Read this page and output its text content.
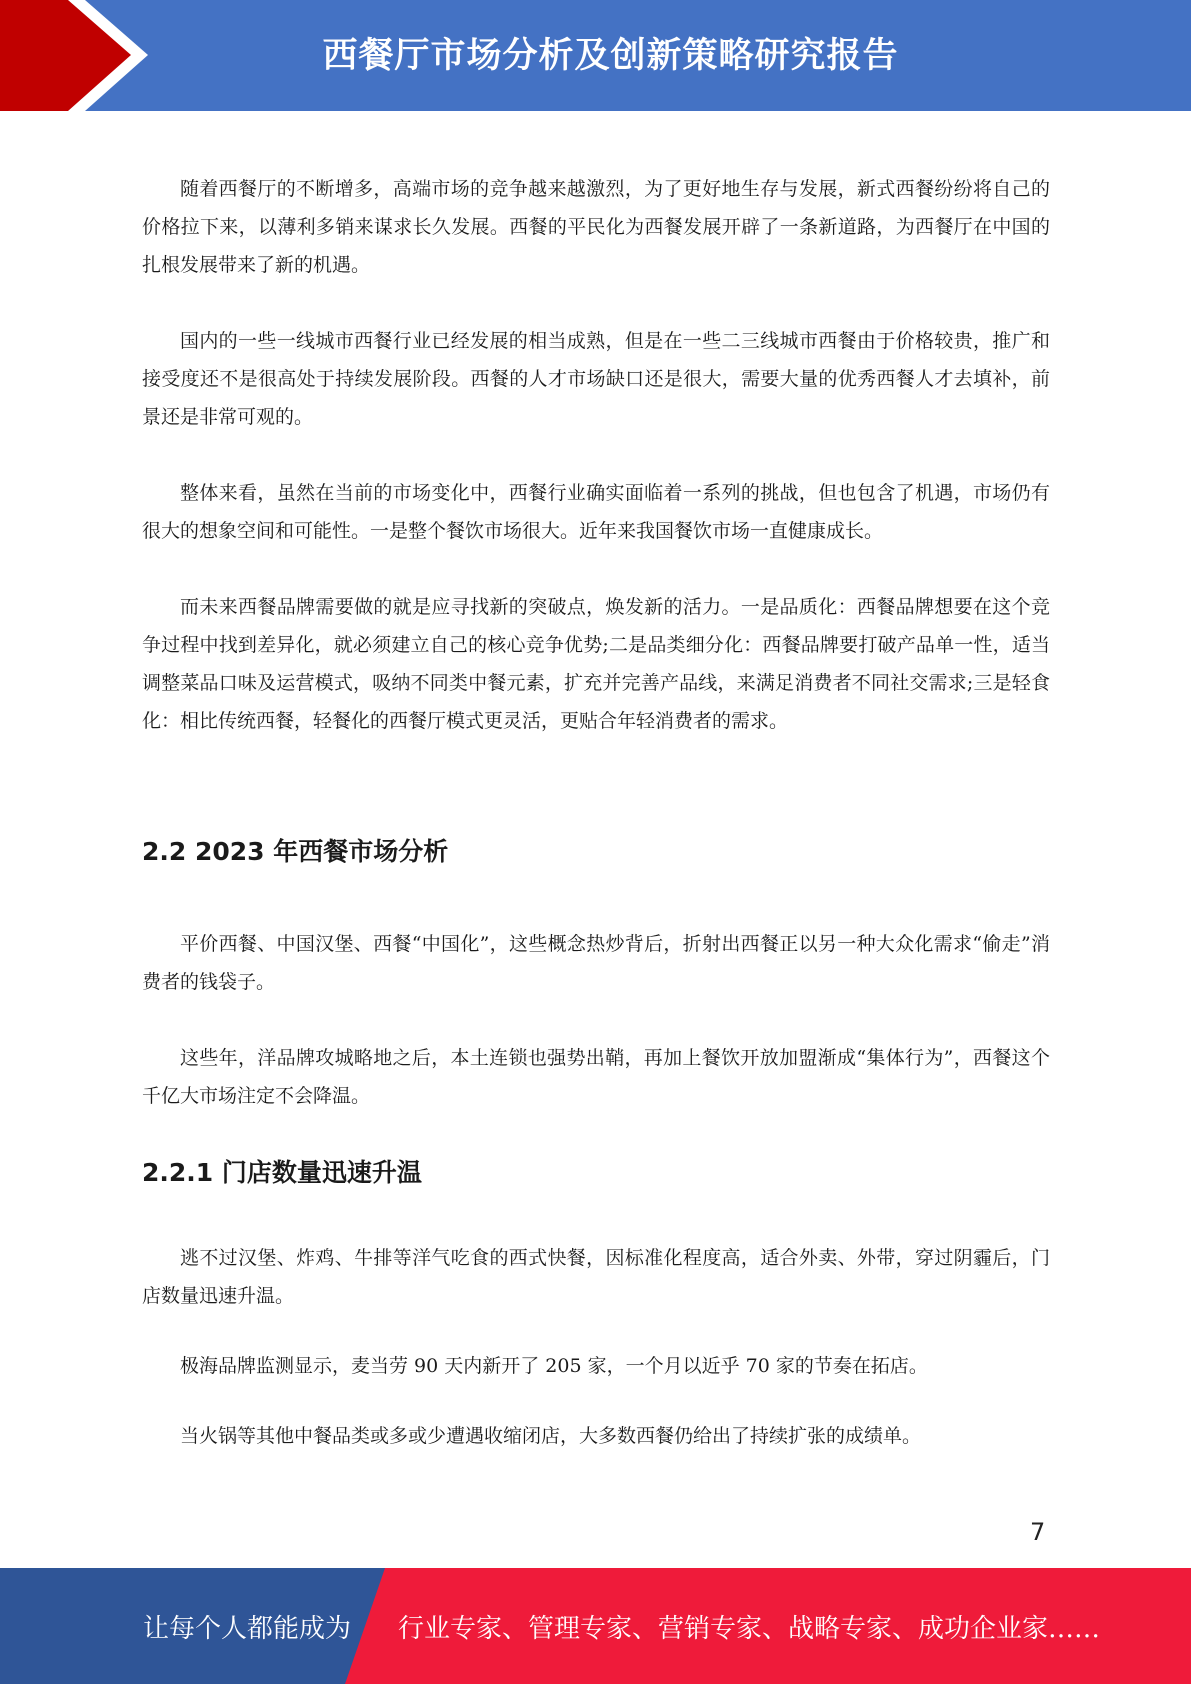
西餐厅市场分析及创新策略研究报告

随着西餐厅的不断增多，高端市场的竞争越来越激烈，为了更好地生存与发展，新式西餐纷纷将自己的价格拉下来，以薄利多销来谋求长久发展。西餐的平民化为西餐发展开辟了一条新道路，为西餐厅在中国的扎根发展带来了新的机遇。

国内的一些一线城市西餐行业已经发展的相当成熟，但是在一些二三线城市西餐由于价格较贵，推广和接受度还不是很高处于持续发展阶段。西餐的人才市场缺口还是很大，需要大量的优秀西餐人才去填补，前景还是非常可观的。

整体来看，虽然在当前的市场变化中，西餐行业确实面临着一系列的挑战，但也包含了机遇，市场仍有很大的想象空间和可能性。一是整个餐饮市场很大。近年来我国餐饮市场一直健康成长。

而未来西餐品牌需要做的就是应寻找新的突破点，焕发新的活力。一是品质化：西餐品牌想要在这个竞争过程中找到差异化，就必须建立自己的核心竞争优势;二是品类细分化：西餐品牌要打破产品单一性，适当调整菜品口味及运营模式，吸纳不同类中餐元素，扩充并完善产品线，来满足消费者不同社交需求;三是轻食化：相比传统西餐，轻餐化的西餐厅模式更灵活，更贴合年轻消费者的需求。

2.2 2023 年西餐市场分析

平价西餐、中国汉堡、西餐“中国化”，这些概念热炒背后，折射出西餐正以另一种大众化需求“偷走”消费者的钱袋子。

这些年，洋品牌攻城略地之后，本土连锁也强势出鞘，再加上餐饮开放加盟渐成“集体行为”，西餐这个千亿大市场注定不会降温。

2.2.1 门店数量迅速升温

逃不过汉堡、炸鸡、牛排等洋气吃食的西式快餐，因标准化程度高，适合外卖、外带，穿过阴霾后，门店数量迅速升温。

极海品牌监测显示，麦当劳 90 天内新开了 205 家，一个月以近乎 70 家的节奏在拓店。

当火锅等其他中餐品类或多或少遭遇收缩闭店，大多数西餐仍给出了持续扩张的成绩单。

7
让每个人都能成为 行业专家、管理专家、营销专家、战略专家、成功企业家……
